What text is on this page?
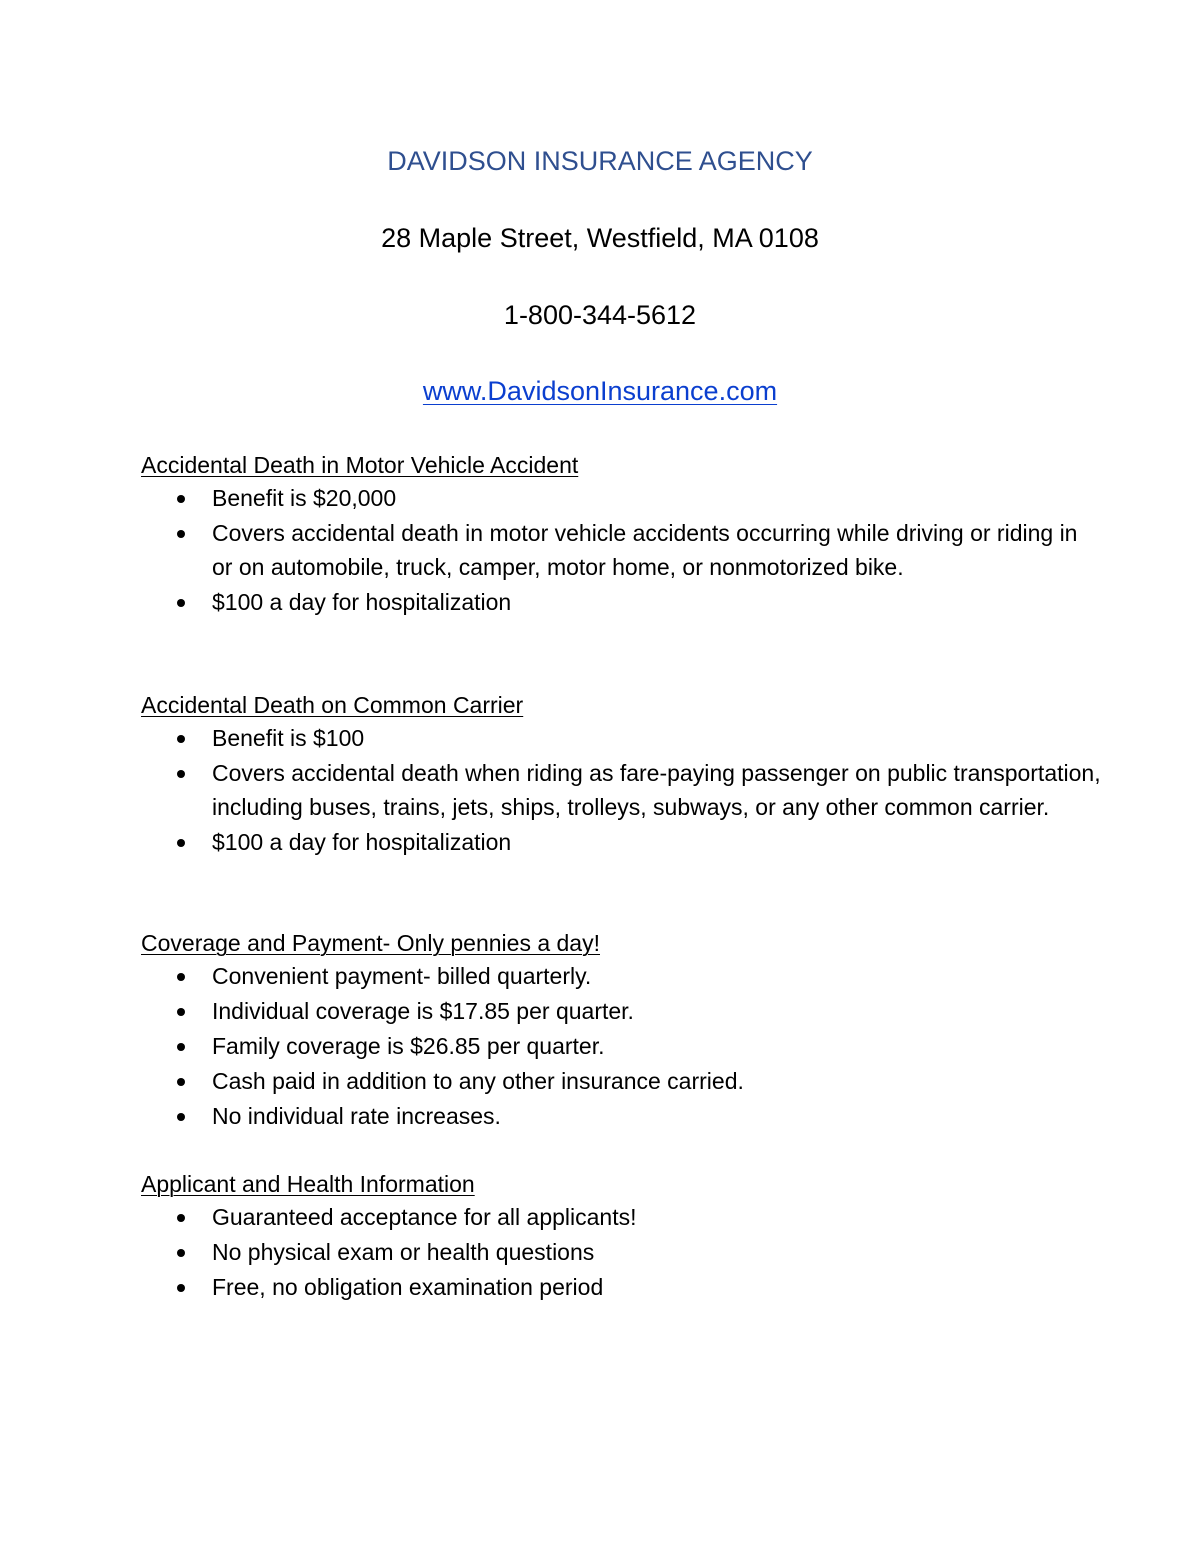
DAVIDSON INSURANCE AGENCY
28 Maple Street, Westfield, MA 0108
1-800-344-5612
www.DavidsonInsurance.com
Accidental Death in Motor Vehicle Accident
Benefit is $20,000
Covers accidental death in motor vehicle accidents occurring while driving or riding in or on automobile, truck, camper, motor home, or nonmotorized bike.
$100 a day for hospitalization
Accidental Death on Common Carrier
Benefit is $100
Covers accidental death when riding as fare-paying passenger on public transportation, including buses, trains, jets, ships, trolleys, subways, or any other common carrier.
$100 a day for hospitalization
Coverage and Payment- Only pennies a day!
Convenient payment- billed quarterly.
Individual coverage is $17.85 per quarter.
Family coverage is $26.85 per quarter.
Cash paid in addition to any other insurance carried.
No individual rate increases.
Applicant and Health Information
Guaranteed acceptance for all applicants!
No physical exam or health questions
Free, no obligation examination period
